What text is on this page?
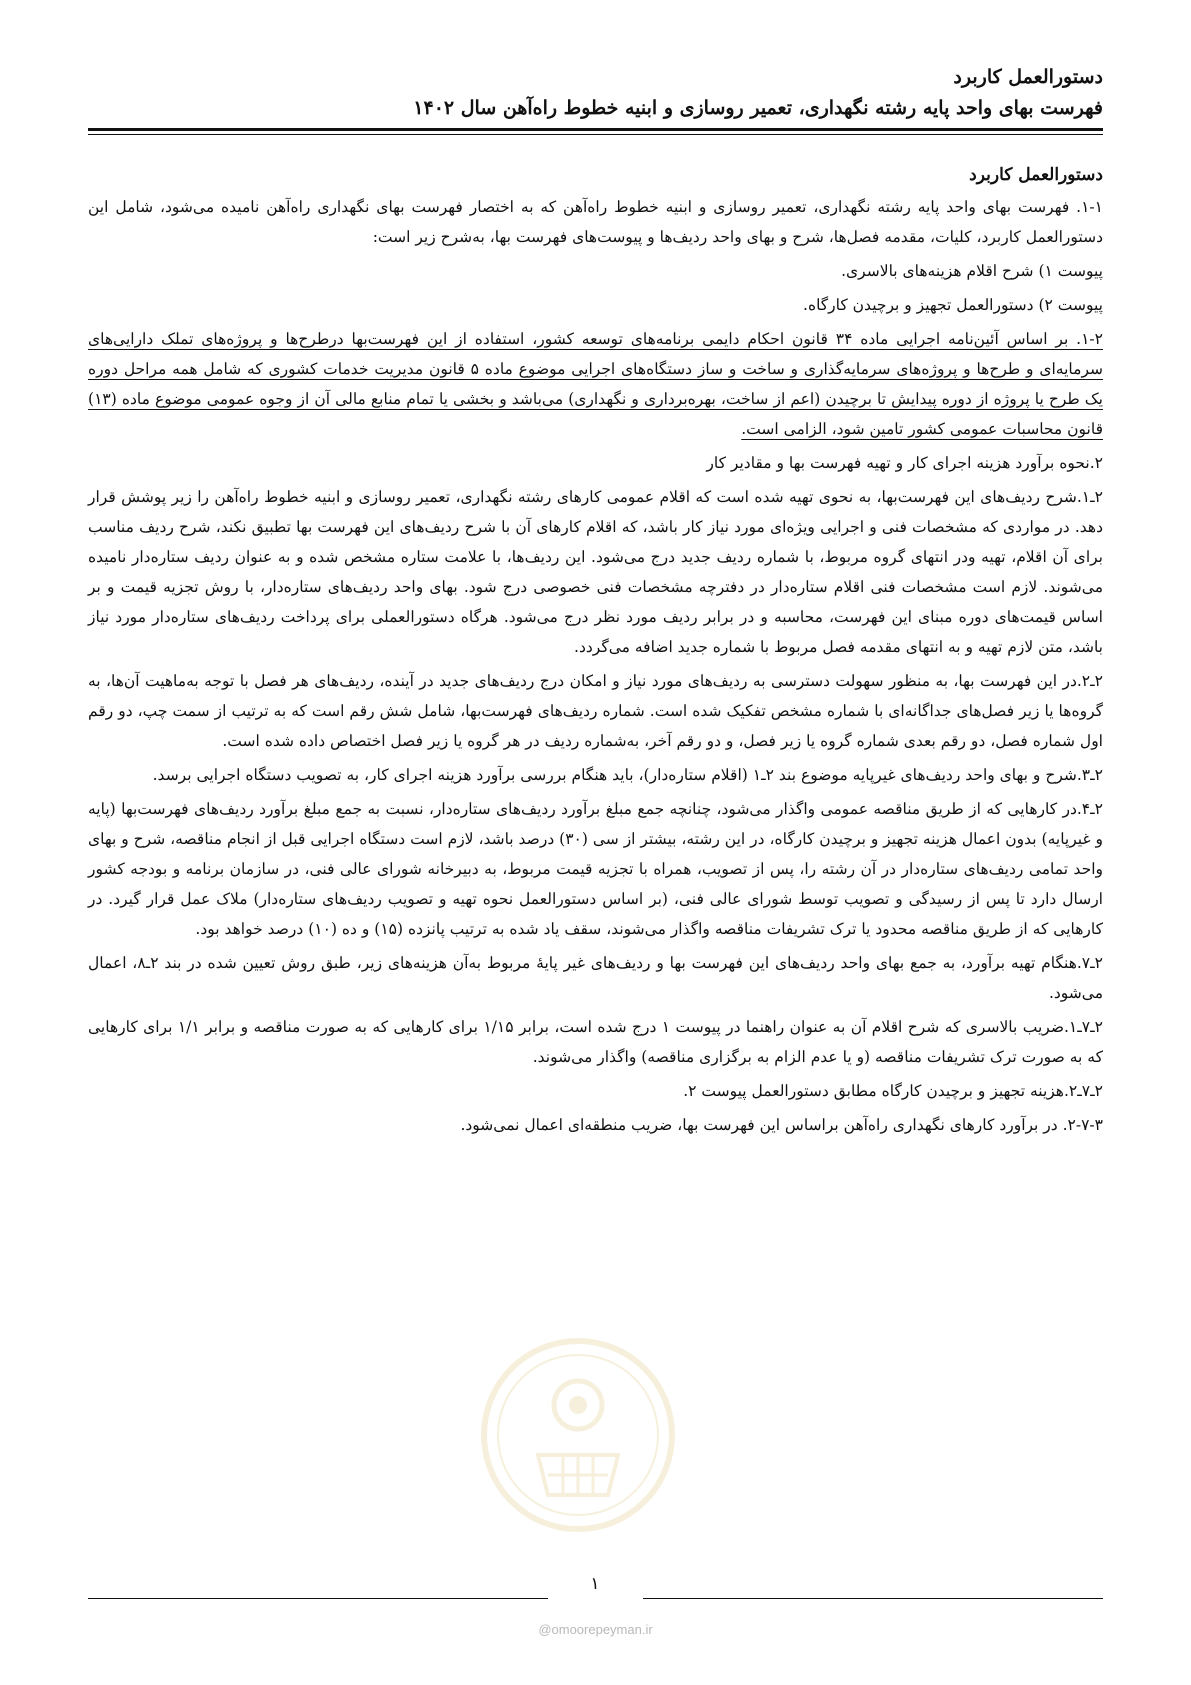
دستورالعمل کاربرد
فهرست بهای واحد پایه رشته نگهداری، تعمیر روسازی و ابنیه خطوط راه‌آهن سال ۱۴۰۲
دستورالعمل کاربرد

۱-۱. فهرست بهای واحد پایه رشته نگهداری، تعمیر روسازی و ابنیه خطوط راه‌آهن که به اختصار فهرست بهای نگهداری راه‌آهن نامیده می‌شود، شامل این دستورالعمل کاربرد، کلیات، مقدمه فصل‌ها، شرح و بهای واحد ردیف‌ها و پیوست‌های فهرست بها، به‌شرح زیر است:

پیوست ۱) شرح اقلام هزینه‌های بالاسری.

پیوست ۲) دستورالعمل تجهیز و برچیدن کارگاه.

۱-۲. بر اساس آئین‌نامه اجرایی ماده ۳۴ قانون احکام دایمی برنامه‌های توسعه کشور، استفاده از این فهرست‌بها درطرح‌ها و پروژه‌های تملک دارایی‌های سرمایه‌ای و طرح‌ها و پروژه‌های سرمایه‌گذاری و ساخت و ساز دستگاه‌های اجرایی موضوع ماده ۵ قانون مدیریت خدمات کشوری که شامل همه مراحل دوره یک طرح یا پروژه از دوره پیدایش تا برچیدن (اعم از ساخت، بهره‌برداری و نگهداری) می‌باشد و بخشی یا تمام منابع مالی آن از وجوه عمومی موضوع ماده (۱۳) قانون محاسبات عمومی کشور تامین شود، الزامی است.

۲.نحوه برآورد هزینه اجرای کار و تهیه فهرست بها و مقادیر کار

۲ـ۱.شرح ردیف‌های این فهرست‌بها، به نحوی تهیه شده است که اقلام عمومی کارهای رشته نگهداری، تعمیر روسازی و ابنیه خطوط راه‌آهن را زیر پوشش قرار دهد. در مواردی که مشخصات فنی و اجرایی ویژه‌ای مورد نیاز کار باشد، که اقلام کارهای آن با شرح ردیف‌های این فهرست بها تطبیق نکند، شرح ردیف مناسب برای آن اقلام، تهیه ودر انتهای گروه مربوط، با شماره ردیف جدید درج می‌شود. این ردیف‌ها، با علامت ستاره مشخص شده و به عنوان ردیف ستاره‌دار نامیده می‌شوند. لازم است مشخصات فنی اقلام ستاره‌دار در دفترچه مشخصات فنی خصوصی درج شود. بهای واحد ردیف‌های ستاره‌دار، با روش تجزیه قیمت و بر اساس قیمت‌های دوره مبنای این فهرست، محاسبه و در برابر ردیف مورد نظر درج می‌شود. هرگاه دستورالعملی برای پرداخت ردیف‌های ستاره‌دار مورد نیاز باشد، متن لازم تهیه و به انتهای مقدمه فصل مربوط با شماره جدید اضافه می‌گردد.

۲ـ۲.در این فهرست بها، به منظور سهولت دسترسی به ردیف‌های مورد نیاز و امکان درج ردیف‌های جدید در آینده، ردیف‌های هر فصل با توجه به‌ماهیت آن‌ها، به گروه‌ها یا زیر فصل‌های جداگانه‌ای با شماره مشخص تفکیک شده است. شماره ردیف‌های فهرست‌بها، شامل شش رقم است که به ترتیب از سمت چپ، دو رقم اول شماره فصل، دو رقم بعدی شماره گروه یا زیر فصل، و دو رقم آخر، به‌شماره ردیف در هر گروه یا زیر فصل اختصاص داده شده است.

۲ـ۳.شرح و بهای واحد ردیف‌های غیرپایه موضوع بند ۲ـ۱ (اقلام ستاره‌دار)، باید هنگام بررسی برآورد هزینه اجرای کار، به تصویب دستگاه اجرایی برسد.

۲ـ۴.در کارهایی که از طریق مناقصه عمومی واگذار می‌شود، چنانچه جمع مبلغ برآورد ردیف‌های ستاره‌دار، نسبت به جمع مبلغ برآورد ردیف‌های فهرست‌بها (پایه و غیرپایه) بدون اعمال هزینه تجهیز و برچیدن کارگاه، در این رشته، بیشتر از سی (۳۰) درصد باشد، لازم است دستگاه اجرایی قبل از انجام مناقصه، شرح و بهای واحد تمامی ردیف‌های ستاره‌دار در آن رشته را، پس از تصویب، همراه با تجزیه قیمت مربوط، به دبیرخانه شورای عالی فنی، در سازمان برنامه و بودجه کشور ارسال دارد تا پس از رسیدگی و تصویب توسط شورای عالی فنی، (بر اساس دستورالعمل نحوه تهیه و تصویب ردیف‌های ستاره‌دار) ملاک عمل قرار گیرد. در کارهایی که از طریق مناقصه محدود یا ترک تشریفات مناقصه واگذار می‌شوند، سقف یاد شده به ترتیب پانزده (۱۵) و ده (۱۰) درصد خواهد بود.

۲ـ۷.هنگام تهیه برآورد، به جمع بهای واحد ردیف‌های این فهرست بها و ردیف‌های غیر پایهٔ مربوط به‌آن هزینه‌های زیر، طبق روش تعیین شده در بند ۲ـ۸، اعمال می‌شود.

۲ـ۷ـ۱.ضریب بالاسری که شرح اقلام آن به عنوان راهنما در پیوست ۱ درج شده است، برابر ۱/۱۵ برای کارهایی که به صورت مناقصه و برابر ۱/۱ برای کارهایی که به صورت ترک تشریفات مناقصه (و یا عدم الزام به برگزاری مناقصه) واگذار می‌شوند.

۲ـ۷ـ۲.هزینه تجهیز و برچیدن کارگاه مطابق دستورالعمل پیوست ۲.

۲-۷-۳. در برآورد کارهای نگهداری راه‌آهن براساس این فهرست بها، ضریب منطقه‌ای اعمال نمی‌شود.

۱
@omoorepeyman.ir
